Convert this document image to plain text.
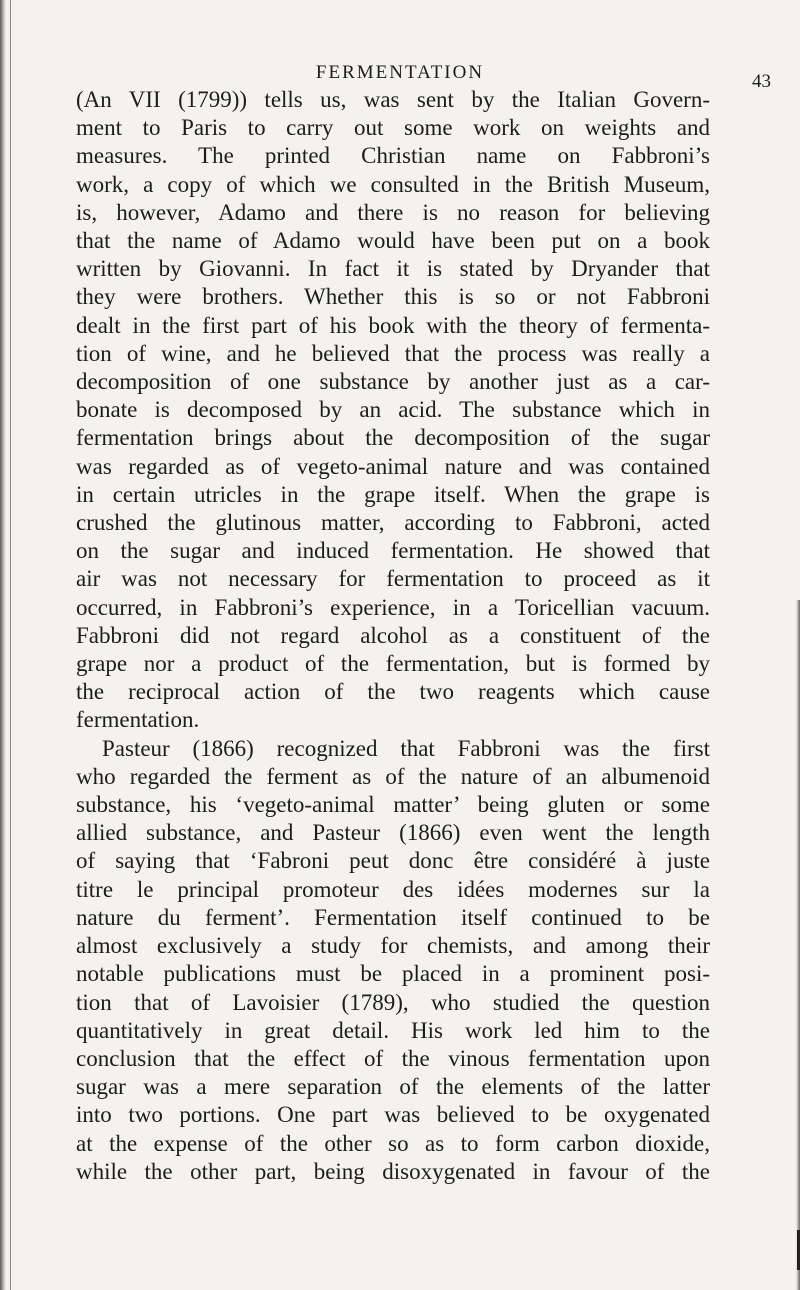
FERMENTATION	43
(An VII (1799)) tells us, was sent by the Italian Govern-
ment to Paris to carry out some work on weights and
measures. The printed Christian name on Fabbroni’s
work, a copy of which we consulted in the British Museum,
is, however, Adamo and there is no reason for believing
that the name of Adamo would have been put on a book
written by Giovanni. In fact it is stated by Dryander that
they were brothers. Whether this is so or not Fabbroni
dealt in the first part of his book with the theory of fermenta-
tion of wine, and he believed that the process was really a
decomposition of one substance by another just as a car-
bonate is decomposed by an acid. The substance which in
fermentation brings about the decomposition of the sugar
was regarded as of vegeto-animal nature and was contained
in certain utricles in the grape itself. When the grape is
crushed the glutinous matter, according to Fabbroni, acted
on the sugar and induced fermentation. He showed that
air was not necessary for fermentation to proceed as it
occurred, in Fabbroni’s experience, in a Toricellian vacuum.
Fabbroni did not regard alcohol as a constituent of the
grape nor a product of the fermentation, but is formed by
the reciprocal action of the two reagents which cause
fermentation.
Pasteur (1866) recognized that Fabbroni was the first
who regarded the ferment as of the nature of an albumenoid
substance, his ‘vegeto-animal matter’ being gluten or some
allied substance, and Pasteur (1866) even went the length
of saying that ‘Fabroni peut donc être considéré à juste
titre le principal promoteur des idées modernes sur la
nature du ferment’. Fermentation itself continued to be
almost exclusively a study for chemists, and among their
notable publications must be placed in a prominent posi-
tion that of Lavoisier (1789), who studied the question
quantitatively in great detail. His work led him to the
conclusion that the effect of the vinous fermentation upon
sugar was a mere separation of the elements of the latter
into two portions. One part was believed to be oxygenated
at the expense of the other so as to form carbon dioxide,
while the other part, being disoxygenated in favour of the
